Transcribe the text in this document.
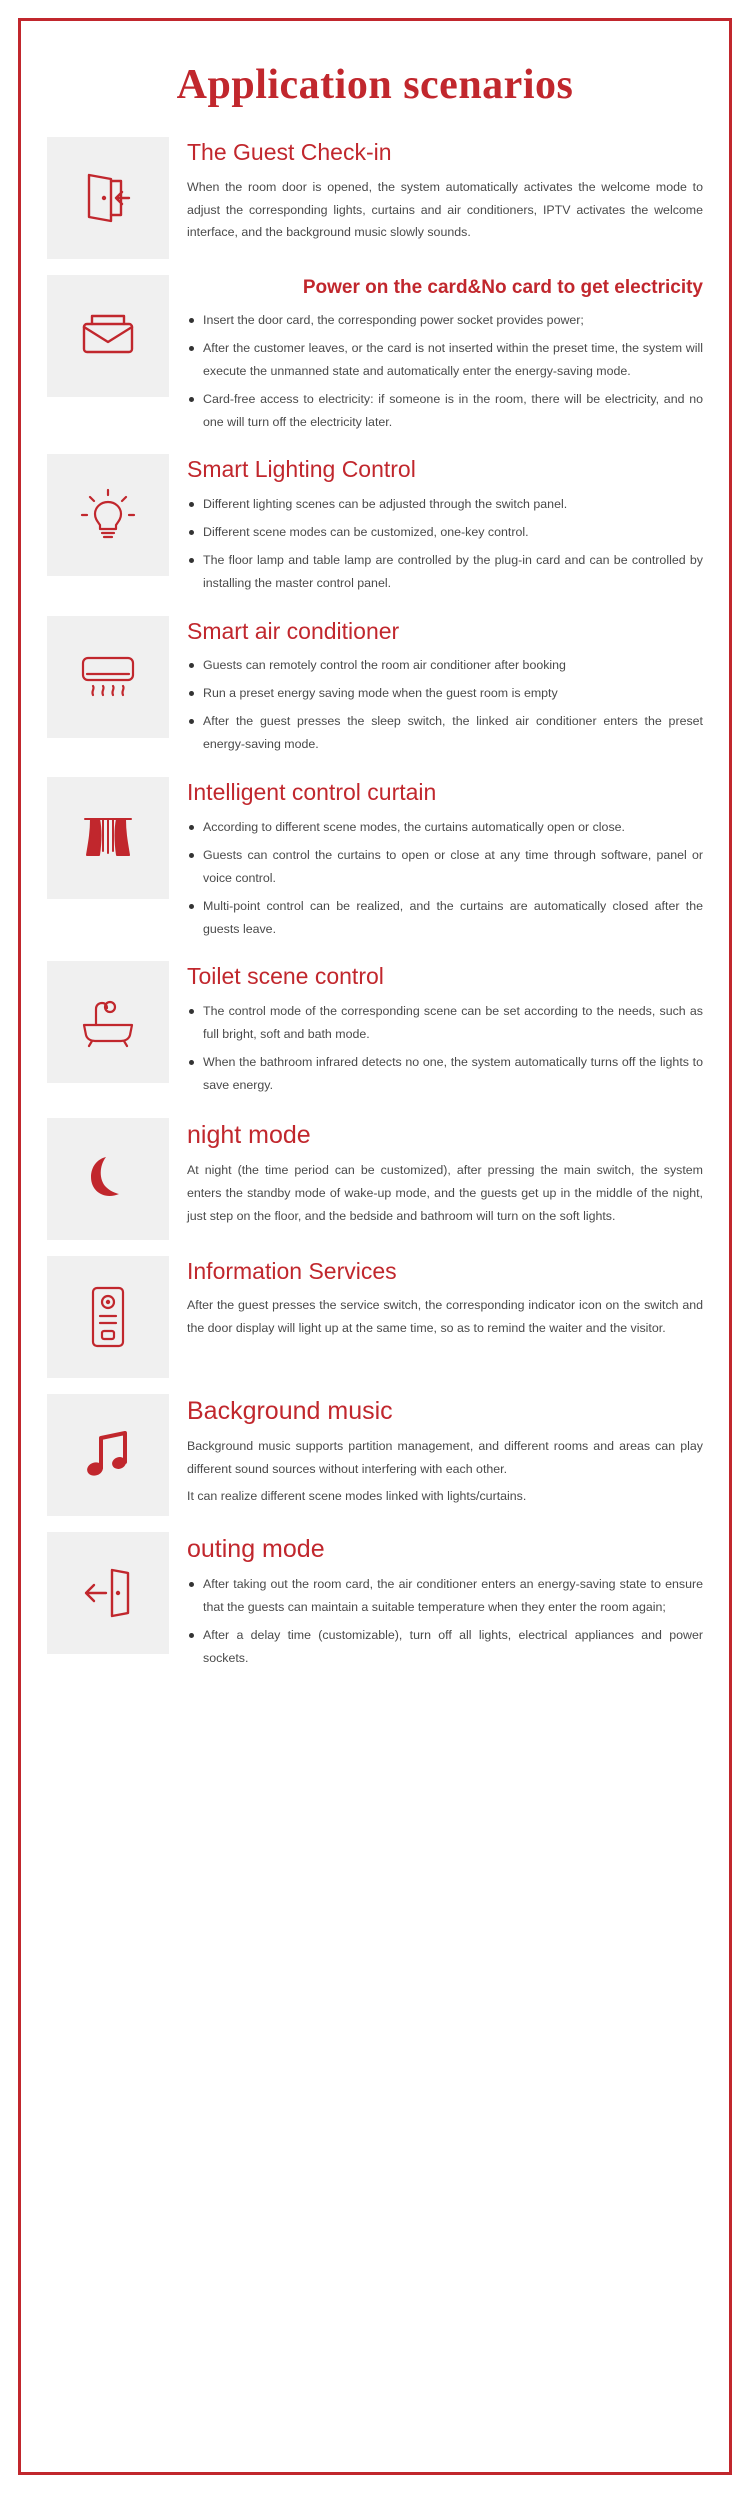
Application scenarios
The Guest Check-in

When the room door is opened, the system automatically activates the welcome mode to adjust the corresponding lights, curtains and air conditioners, IPTV activates the welcome interface, and the background music slowly sounds.

Power on the card&No card to get electricity
Insert the door card, the corresponding power socket provides power;
After the customer leaves, or the card is not inserted within the preset time, the system will execute the unmanned state and automatically enter the energy-saving mode.
Card-free access to electricity: if someone is in the room, there will be electricity, and no one will turn off the electricity later.
Smart Lighting Control
Different lighting scenes can be adjusted through the switch panel.
Different scene modes can be customized, one-key control.
The floor lamp and table lamp are controlled by the plug-in card and can be controlled by installing the master control panel.
Smart air conditioner
Guests can remotely control the room air conditioner after booking
Run a preset energy saving mode when the guest room is empty
After the guest presses the sleep switch, the linked air conditioner enters the preset energy-saving mode.
Intelligent control curtain
According to different scene modes, the curtains automatically open or close.
Guests can control the curtains to open or close at any time through software, panel or voice control.
Multi-point control can be realized, and the curtains are automatically closed after the guests leave.
Toilet scene control
The control mode of the corresponding scene can be set according to the needs, such as full bright, soft and bath mode.
When the bathroom infrared detects no one, the system automatically turns off the lights to save energy.
night mode

At night (the time period can be customized), after pressing the main switch, the system enters the standby mode of wake-up mode, and the guests get up in the middle of the night, just step on the floor, and the bedside and bathroom will turn on the soft lights.

Information Services

After the guest presses the service switch, the corresponding indicator icon on the switch and the door display will light up at the same time, so as to remind the waiter and the visitor.

Background music

Background music supports partition management, and different rooms and areas can play different sound sources without interfering with each other.

It can realize different scene modes linked with lights/curtains.

outing mode
After taking out the room card, the air conditioner enters an energy-saving state to ensure that the guests can maintain a suitable temperature when they enter the room again;
After a delay time (customizable), turn off all lights, electrical appliances and power sockets.
